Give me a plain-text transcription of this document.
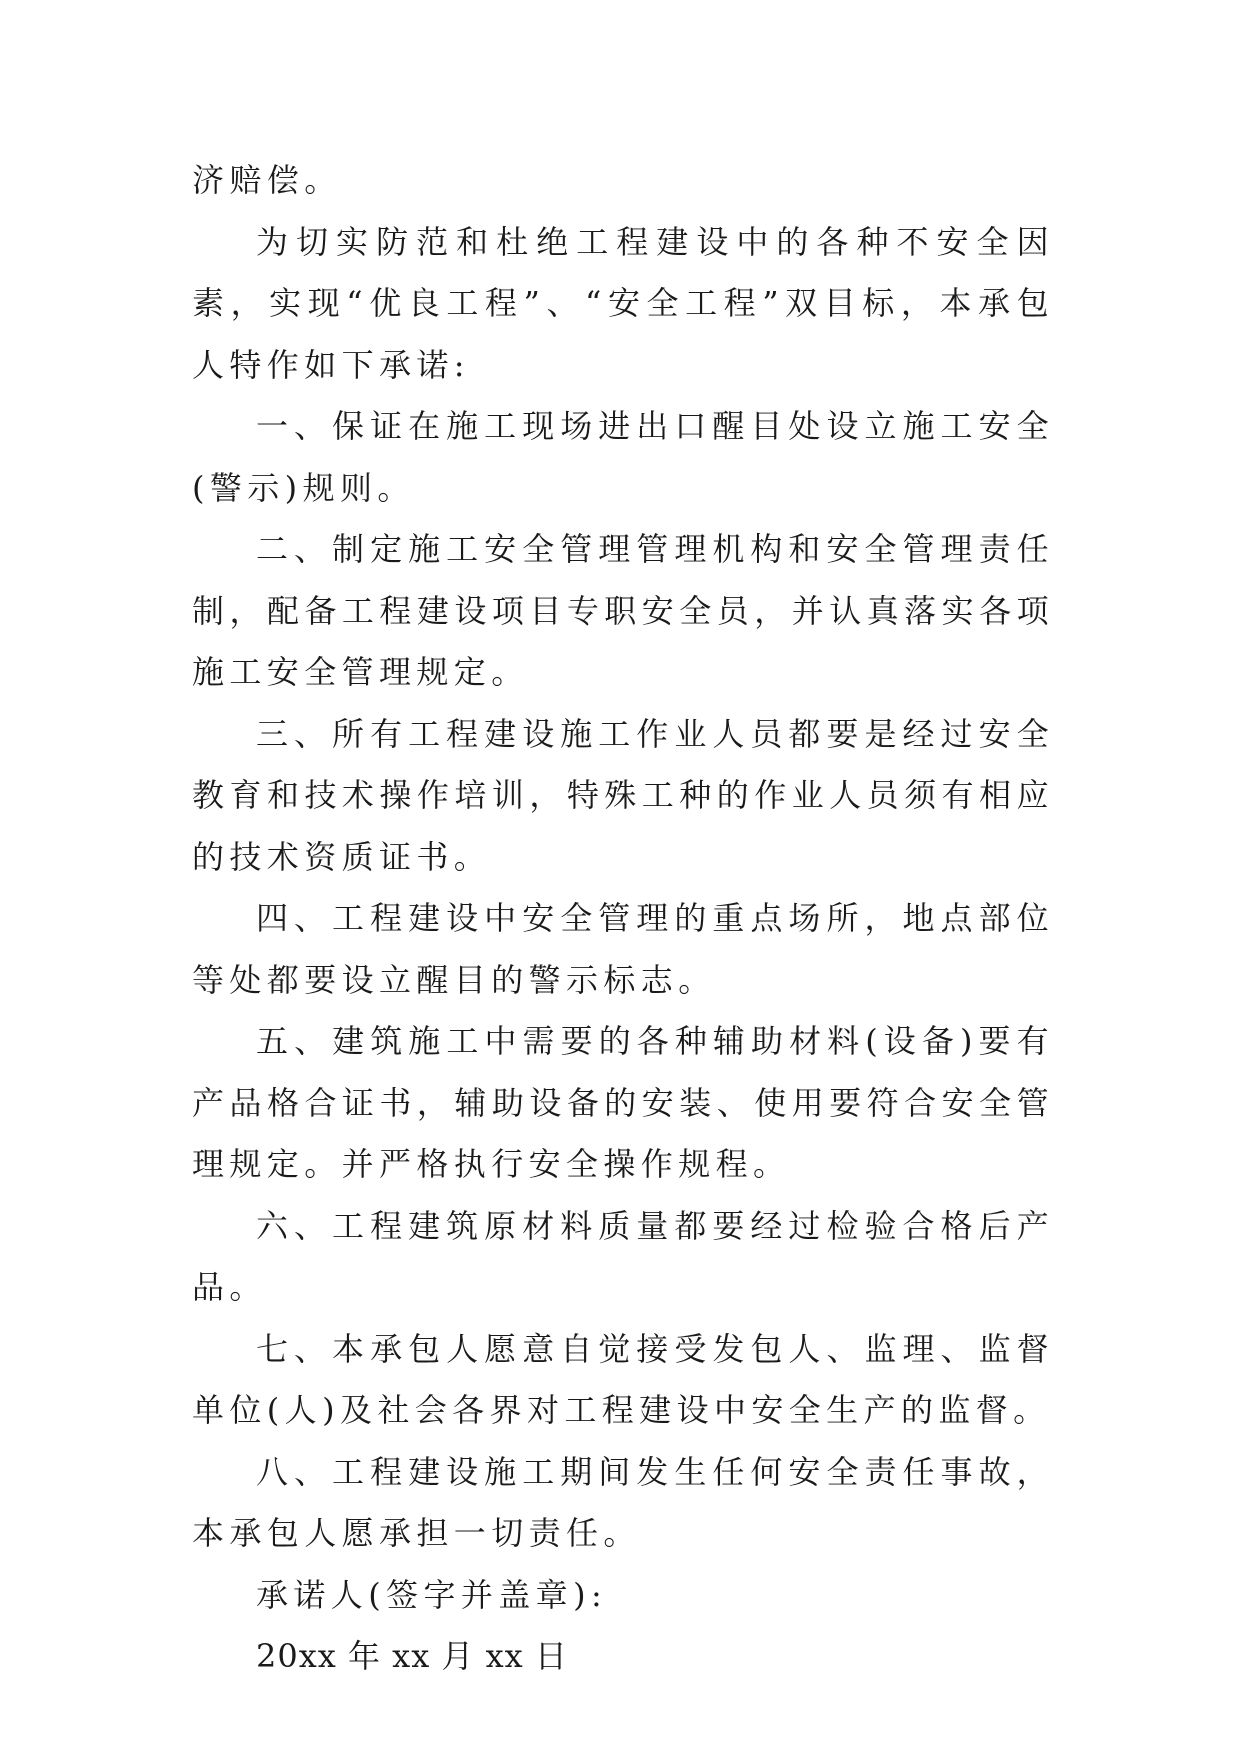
济赔偿。

为切实防范和杜绝工程建设中的各种不安全因素，实现“优良工程”、“安全工程”双目标，本承包人特作如下承诺:

一、保证在施工现场进出口醒目处设立施工安全(警示)规则。

二、制定施工安全管理管理机构和安全管理责任制，配备工程建设项目专职安全员，并认真落实各项施工安全管理规定。

三、所有工程建设施工作业人员都要是经过安全教育和技术操作培训，特殊工种的作业人员须有相应的技术资质证书。

四、工程建设中安全管理的重点场所，地点部位等处都要设立醒目的警示标志。

五、建筑施工中需要的各种辅助材料(设备)要有产品格合证书，辅助设备的安装、使用要符合安全管理规定。并严格执行安全操作规程。

六、工程建筑原材料质量都要经过检验合格后产品。

七、本承包人愿意自觉接受发包人、监理、监督单位(人)及社会各界对工程建设中安全生产的监督。

八、工程建设施工期间发生任何安全责任事故，本承包人愿承担一切责任。

承诺人(签字并盖章):

20xx 年 xx 月 xx 日
